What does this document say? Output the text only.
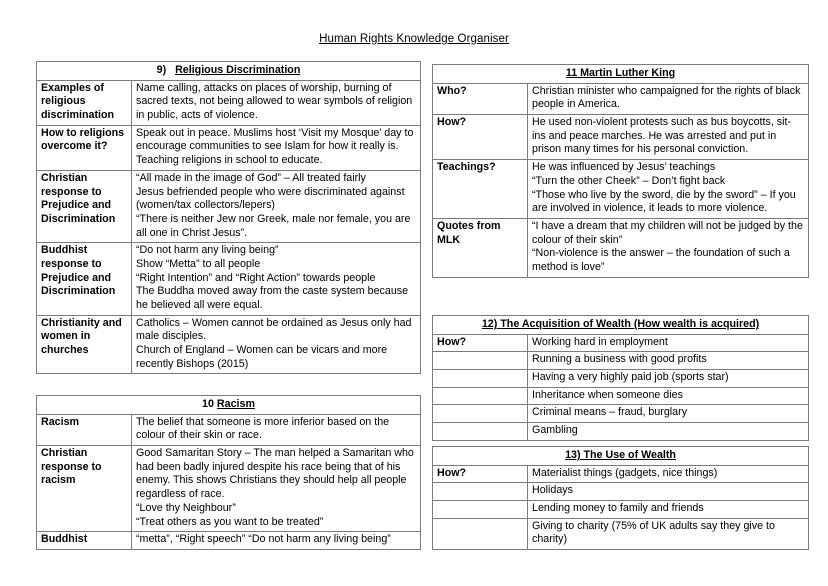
Human Rights Knowledge Organiser
9) Religious Discrimination	
Examples of religious discrimination	Name calling, attacks on places of worship, burning of sacred texts, not being allowed to wear symbols of religion in public, acts of violence.

How to religions overcome it?	Speak out in peace. Muslims host ‘Visit my Mosque’ day to encourage communities to see Islam for how it really is. Teaching religions in school to educate.

Christian response to Prejudice and Discrimination	“All made in the image of God” – All treated fairly
Jesus befriended people who were discriminated against (women/tax collectors/lepers)
“There is neither Jew nor Greek, male nor female, you are all one in Christ Jesus”.

Buddhist response to Prejudice and Discrimination	“Do not harm any living being”
Show “Metta” to all people
“Right Intention” and “Right Action” towards people
The Buddha moved away from the caste system because he believed all were equal.

Christianity and women in churches	Catholics – Women cannot be ordained as Jesus only had male disciples.
Church of England – Women can be vicars and more recently Bishops (2015)
10 Racism	
Racism	The belief that someone is more inferior based on the colour of their skin or race.

Christian response to racism	Good Samaritan Story – The man helped a Samaritan who had been badly injured despite his race being that of his enemy. This shows Christians they should help all people regardless of race.
“Love thy Neighbour”
“Treat others as you want to be treated”

Buddhist	“metta”, “Right speech” “Do not harm any living being”
11 Martin Luther King	
Who?	Christian minister who campaigned for the rights of black people in America.

How?	He used non-violent protests such as bus boycotts, sit-ins and peace marches. He was arrested and put in prison many times for his personal conviction.

Teachings?	He was influenced by Jesus’ teachings
“Turn the other Cheek” – Don’t fight back
“Those who live by the sword, die by the sword” – If you are involved in violence, it leads to more violence.

Quotes from MLK	“I have a dream that my children will not be judged by the colour of their skin”
“Non-violence is the answer – the foundation of such a method is love”
12) The Acquisition of Wealth (How wealth is acquired)	
How?	Working hard in employment
	Running a business with good profits
	Having a very highly paid job (sports star)
	Inheritance when someone dies
	Criminal means – fraud, burglary
	Gambling
13) The Use of Wealth	
How?	Materialist things (gadgets, nice things)
	Holidays
	Lending money to family and friends
	Giving to charity (75% of UK adults say they give to charity)
